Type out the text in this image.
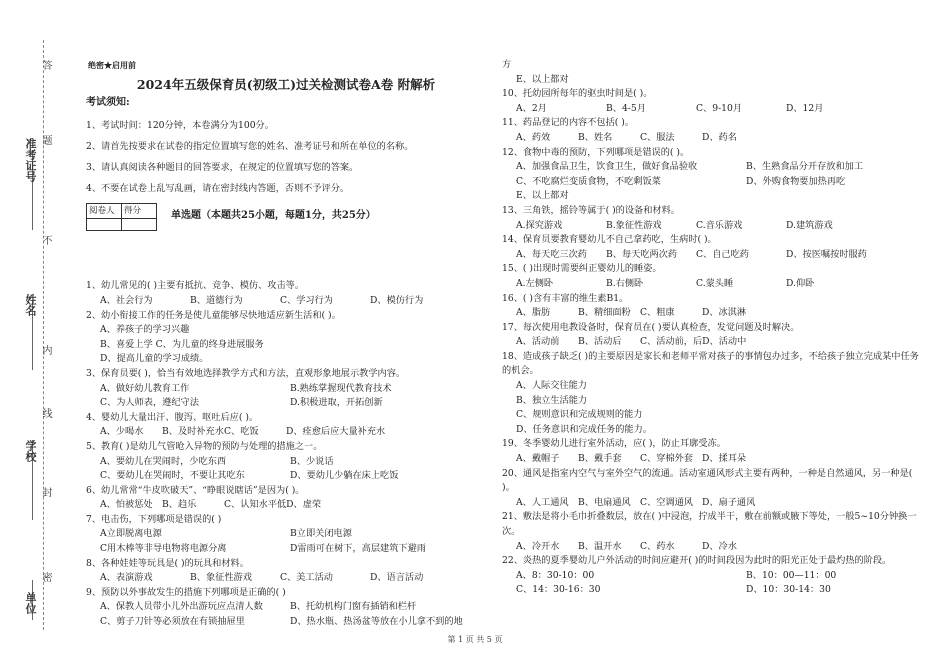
准考证号
姓名
学校
单位
答
题
不
内
线
封
密
绝密★启用前
2024年五级保育员(初级工)过关检测试卷A卷 附解析
考试须知:

1、考试时间：120分钟，本卷满分为100分。

2、请首先按要求在试卷的指定位置填写您的姓名、准考证号和所在单位的名称。

3、请认真阅读各种题目的回答要求，在规定的位置填写您的答案。

4、不要在试卷上乱写乱画，请在密封线内答题，否则不予评分。

阅卷人	得分
		单选题（本题共25小题，每题1分，共25分）
1、幼儿常见的( )主要有抵抗、竞争、模仿、攻击等。
A、社会行为	B、道德行为	C、学习行为	D、模仿行为
2、幼小衔接工作的任务是使儿童能够尽快地适应新生活和( )。
A、养孩子的学习兴趣
B、喜爱上学 C、为儿童的终身进展服务
D、提高儿童的学习成绩。
3、保育员要( )，恰当有效地选择教学方式和方法，直观形象地展示教学内容。
A、做好幼儿教育工作	B.熟练掌握现代教育技术
C、为人师表，遵纪守法	D.积极进取，开拓创新
4、婴幼儿大量出汗、腹泻、呕吐后应( )。
A、少喝水 B、及时补充水C、吃饭	D、痊愈后应大量补充水
5、教育( )是幼儿气管呛入异物的预防与处理的措施之一。
A、要幼儿在哭闹时，少吃东西	B、少说话
C、要幼儿在哭闹时，不要让其吃东	D、要幼儿少躺在床上吃饭
6、幼儿常常“牛皮吹破天”、“睁眼说瞎话”是因为( )。
A、怕被惩处 B、趋乐	C、认知水平低D、虚荣
7、电击伤，下列哪项是错误的( )
A立即脱离电源	B立即关闭电源
C用木棒等非导电物将电源分离	D雷雨可在树下，高层建筑下避雨
8、各种娃娃等玩具是( )的玩具和材料。
A、表演游戏	B、象征性游戏	C、美工活动	D、语言活动
9、预防以外事故发生的措施下列哪项是正确的( )
A、保教人员带小儿外出游玩应点清人数	B、托幼机构门窗有插销和栏杆
C、剪子刀针等必须放在有锁抽屉里	D、热水瓶、热汤盆等放在小儿拿不到的地
方
E、以上都对
10、托幼园所每年的驱虫时间是( )。
A、2月	B、4-5月	C、9-10月	D、12月
11、药品登记的内容不包括( )。
A、药效	B、姓名	C、服法	D、药名
12、食物中毒的预防，下列哪项是错误的( )。
A、加强食品卫生，饮食卫生，做好食品验收	B、生熟食品分开存放和加工
C、不吃腐烂变质食物，不吃剩饭菜	D、外购食物要加热再吃
E、以上都对
13、三角铁，摇铃等属于( )的设备和材料。
A.探究游戏	B.象征性游戏	C.音乐游戏	D.建筑游戏
14、保育员要教育婴幼儿不自己拿药吃，生病时( )。
A、每天吃三次药 B、每天吃两次药 C、自己吃药	D、按医嘱按时服药
15、( )出现时需要纠正婴幼儿的睡姿。
A.左侧卧	B.右侧卧	C.蒙头睡	D.仰卧
16、( )含有丰富的维生素B1。
A、脂肪	B、精细面粉 C、粗康	D、冰淇淋
17、每次使用电教设备时，保育员在( )要认真检查，发觉问题及时解决。
A、活动前 B、活动后 C、活动前，后D、活动中
18、造成孩子缺乏( )的主要原因是家长和老师平常对孩子的事情包办过多，不给孩子独立完成某中任务的机会。
A、人际交往能力
B、独立生活能力
C、规则意识和完成规则的能力
D、任务意识和完成任务的能力。
19、冬季婴幼儿进行室外活动，应( )，防止耳廓受冻。
A、戴帽子 B、戴手套 C、穿棉外套 D、揉耳朵
20、通风是指室内空气与室外空气的流通。活动室通风形式主要有两种，一种是自然通风，另一种是( )。
A、人工通风 B、电扇通风 C、空调通风 D、扇子通风
21、敷法是将小毛巾折叠数层，放在( )中浸泡，拧成半干，敷在前额或腋下等处，一般5~10分钟换一次。
A、冷开水 B、温开水 C、药水	D、冷水
22、炎热的夏季婴幼儿户外活动的时间应避开( )的时间段因为此时的阳光正处于最灼热的阶段。
A、8：30-10：00	B、10：00—11：00
C、14：30-16：30	D、10：30-14：30
第 1 页 共 5 页
